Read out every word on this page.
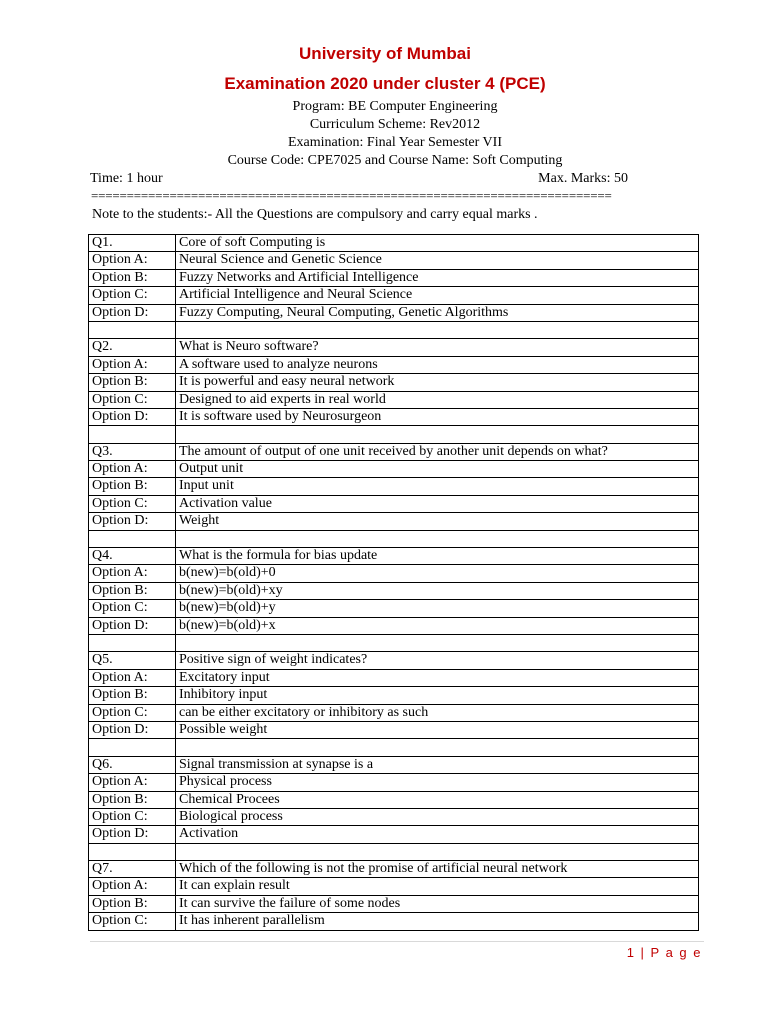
University of Mumbai
Examination 2020 under cluster 4 (PCE)
Program: BE Computer Engineering
Curriculum Scheme: Rev2012
Examination: Final Year Semester VII
Course Code: CPE7025 and Course Name: Soft Computing
Time: 1 hour	Max. Marks: 50
=========================================================================
Note to the students:- All the Questions are compulsory and carry equal marks .
Q1.	Core of soft Computing is
Option A:	Neural Science and Genetic Science
Option B:	Fuzzy Networks and Artificial Intelligence
Option C:	Artificial Intelligence and Neural Science
Option D:	Fuzzy Computing, Neural Computing, Genetic Algorithms

Q2.	What is Neuro software?
Option A:	A software used to analyze neurons
Option B:	It is powerful and easy neural network
Option C:	Designed to aid experts in real world
Option D:	It is software used by Neurosurgeon

Q3.	The amount of output of one unit received by another unit depends on what?
Option A:	Output unit
Option B:	Input unit
Option C:	Activation value
Option D:	Weight

Q4.	What is the formula for bias update
Option A:	b(new)=b(old)+0
Option B:	b(new)=b(old)+xy
Option C:	b(new)=b(old)+y
Option D:	b(new)=b(old)+x

Q5.	Positive sign of weight indicates?
Option A:	Excitatory input
Option B:	Inhibitory input
Option C:	can be either excitatory or inhibitory as such
Option D:	Possible weight

Q6.	Signal transmission at synapse is a
Option A:	Physical process
Option B:	Chemical Procees
Option C:	Biological process
Option D:	Activation

Q7.	Which of the following is not the promise of artificial neural network
Option A:	It can explain result
Option B:	It can survive the failure of some nodes
Option C:	It has inherent parallelism
1 | P a g e
